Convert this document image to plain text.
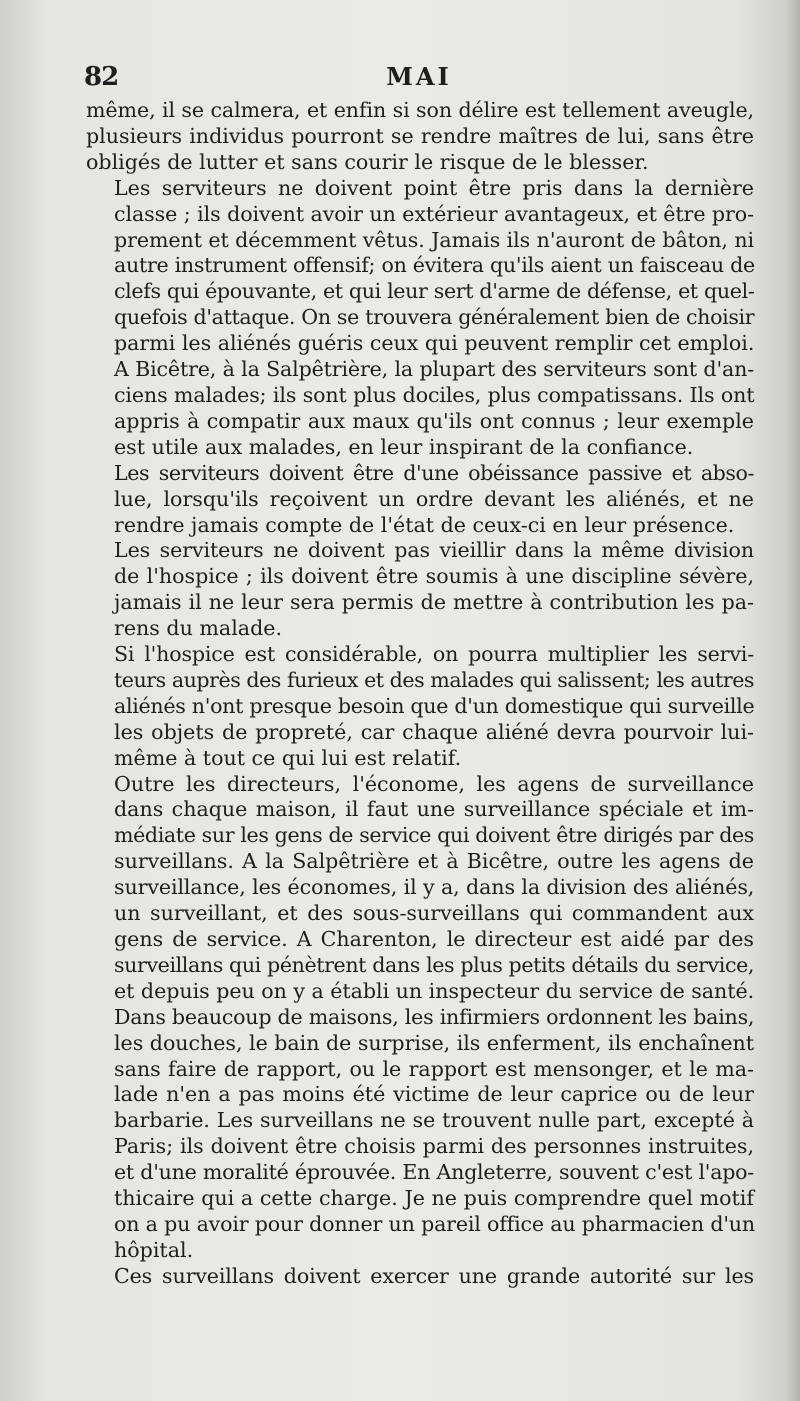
82	MAI

même, il se calmera, et enfin si son délire est tellement aveugle,
plusieurs individus pourront se rendre maîtres de lui, sans être
obligés de lutter et sans courir le risque de le blesser.

Les serviteurs ne doivent point être pris dans la dernière
classe ; ils doivent avoir un extérieur avantageux, et être pro-
prement et décemment vêtus. Jamais ils n'auront de bâton, ni
autre instrument offensif; on évitera qu'ils aient un faisceau de
clefs qui épouvante, et qui leur sert d'arme de défense, et quel-
quefois d'attaque. On se trouvera généralement bien de choisir
parmi les aliénés guéris ceux qui peuvent remplir cet emploi.
A Bicêtre, à la Salpêtrière, la plupart des serviteurs sont d'an-
ciens malades; ils sont plus dociles, plus compatissans. Ils ont
appris à compatir aux maux qu'ils ont connus ; leur exemple
est utile aux malades, en leur inspirant de la confiance.

Les serviteurs doivent être d'une obéissance passive et abso-
lue, lorsqu'ils reçoivent un ordre devant les aliénés, et ne
rendre jamais compte de l'état de ceux-ci en leur présence.

Les serviteurs ne doivent pas vieillir dans la même division
de l'hospice ; ils doivent être soumis à une discipline sévère,
jamais il ne leur sera permis de mettre à contribution les pa-
rens du malade.

Si l'hospice est considérable, on pourra multiplier les servi-
teurs auprès des furieux et des malades qui salissent; les autres
aliénés n'ont presque besoin que d'un domestique qui surveille
les objets de propreté, car chaque aliéné devra pourvoir lui-
même à tout ce qui lui est relatif.

Outre les directeurs, l'économe, les agens de surveillance
dans chaque maison, il faut une surveillance spéciale et im-
médiate sur les gens de service qui doivent être dirigés par des
surveillans. A la Salpêtrière et à Bicêtre, outre les agens de
surveillance, les économes, il y a, dans la division des aliénés,
un surveillant, et des sous-surveillans qui commandent aux
gens de service. A Charenton, le directeur est aidé par des
surveillans qui pénètrent dans les plus petits détails du service,
et depuis peu on y a établi un inspecteur du service de santé.
Dans beaucoup de maisons, les infirmiers ordonnent les bains,
les douches, le bain de surprise, ils enferment, ils enchaînent
sans faire de rapport, ou le rapport est mensonger, et le ma-
lade n'en a pas moins été victime de leur caprice ou de leur
barbarie. Les surveillans ne se trouvent nulle part, excepté à
Paris; ils doivent être choisis parmi des personnes instruites,
et d'une moralité éprouvée. En Angleterre, souvent c'est l'apo-
thicaire qui a cette charge. Je ne puis comprendre quel motif
on a pu avoir pour donner un pareil office au pharmacien d'un
hôpital.

Ces surveillans doivent exercer une grande autorité sur les
